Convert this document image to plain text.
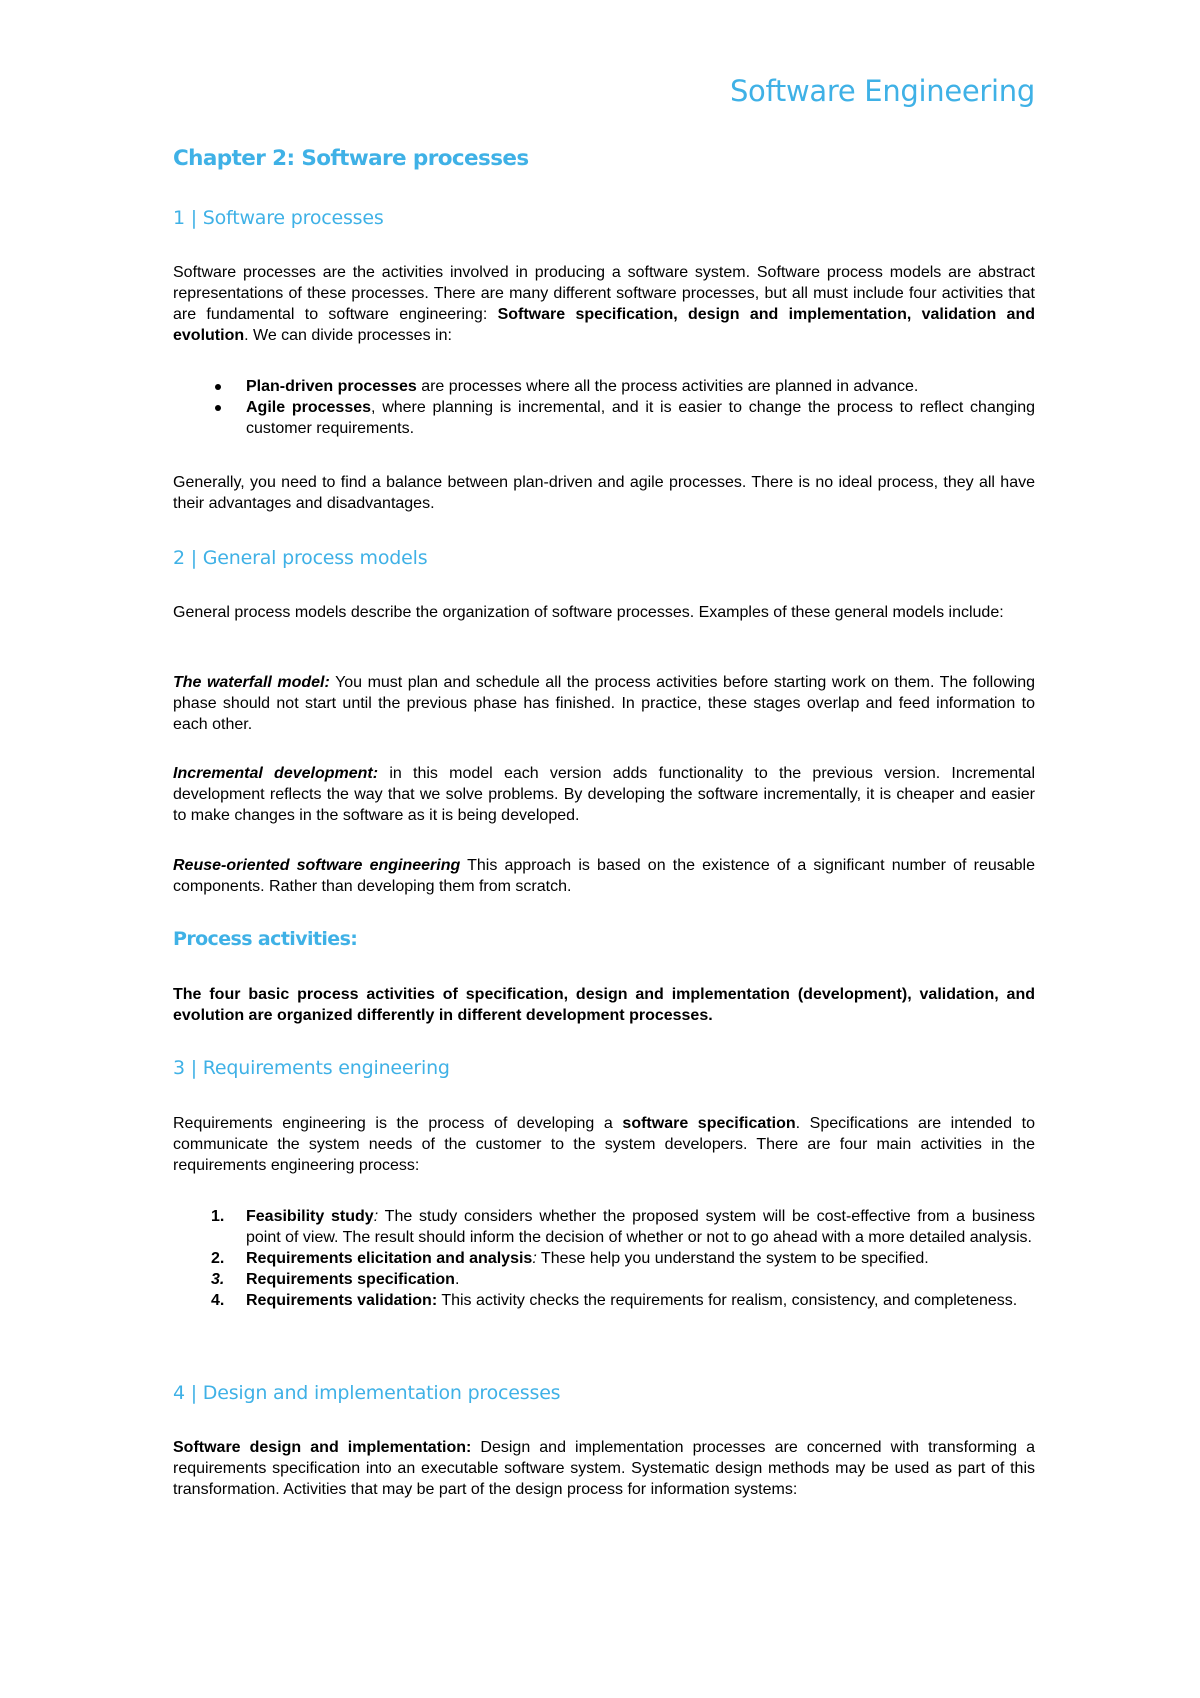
Software Engineering
Chapter 2: Software processes
1 | Software processes

Software processes are the activities involved in producing a software system. Software process models are abstract representations of these processes. There are many different software processes, but all must include four activities that are fundamental to software engineering: Software specification, design and implementation, validation and evolution. We can divide processes in:

Plan-driven processes are processes where all the process activities are planned in advance.
Agile processes, where planning is incremental, and it is easier to change the process to reflect changing customer requirements.

Generally, you need to find a balance between plan-driven and agile processes. There is no ideal process, they all have their advantages and disadvantages.

2 | General process models

General process models describe the organization of software processes. Examples of these general models include:

The waterfall model: You must plan and schedule all the process activities before starting work on them. The following phase should not start until the previous phase has finished. In practice, these stages overlap and feed information to each other.

Incremental development: in this model each version adds functionality to the previous version. Incremental development reflects the way that we solve problems. By developing the software incrementally, it is cheaper and easier to make changes in the software as it is being developed.

Reuse-oriented software engineering This approach is based on the existence of a significant number of reusable components. Rather than developing them from scratch.

Process activities:

The four basic process activities of specification, design and implementation (development), validation, and evolution are organized differently in different development processes.

3 | Requirements engineering

Requirements engineering is the process of developing a software specification. Specifications are intended to communicate the system needs of the customer to the system developers. There are four main activities in the requirements engineering process:

1. Feasibility study: The study considers whether the proposed system will be cost-effective from a business point of view. The result should inform the decision of whether or not to go ahead with a more detailed analysis.
2. Requirements elicitation and analysis: These help you understand the system to be specified.
3. Requirements specification.
4. Requirements validation: This activity checks the requirements for realism, consistency, and completeness.
4 | Design and implementation processes

Software design and implementation: Design and implementation processes are concerned with transforming a requirements specification into an executable software system. Systematic design methods may be used as part of this transformation. Activities that may be part of the design process for information systems:
